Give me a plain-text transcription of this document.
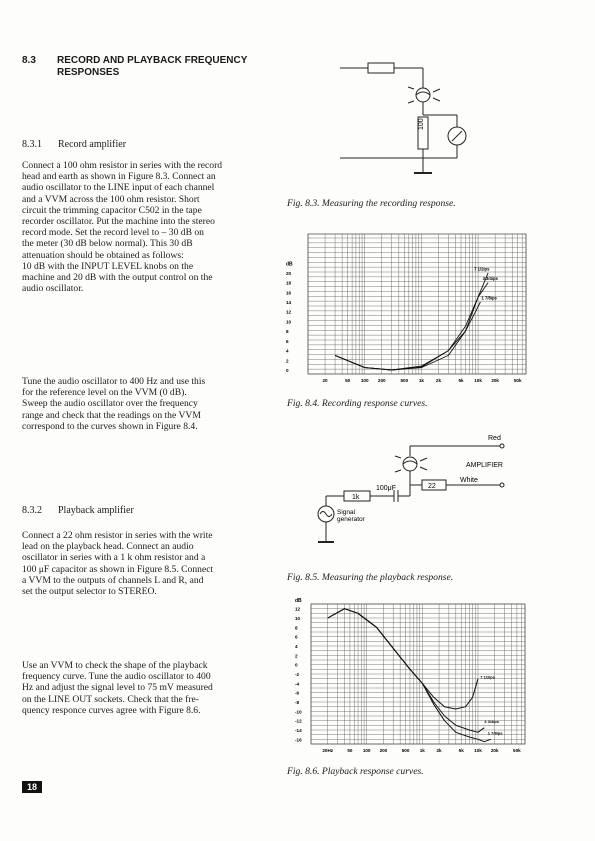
8.3 RECORD AND PLAYBACK FREQUENCY
RESPONSES
8.3.1 Record amplifier
Connect a 100 ohm resistor in series with the record
head and earth as shown in Figure 8.3. Connect an
audio oscillator to the LINE input of each channel
and a VVM across the 100 ohm resistor. Short
circuit the trimming capacitor C502 in the tape
recorder oscillator. Put the machine into the stereo
record mode. Set the record level to – 30 dB on
the meter (30 dB below normal). This 30 dB
attenuation should be obtained as follows:
10 dB with the INPUT LEVEL knobs on the
machine and 20 dB with the output control on the
audio oscillator.
Tune the audio oscillator to 400 Hz and use this
for the reference level on the VVM (0 dB).
Sweep the audio oscillator over the frequency
range and check that the readings on the VVM
correspond to the curves shown in Figure 8.4.
8.3.2 Playback amplifier
Connect a 22 ohm resistor in series with the write
lead on the playback head. Connect an audio
oscillator in series with a 1 k ohm resistor and a
100 μF capacitor as shown in Figure 8.5. Connect
a VVM to the outputs of channels L and R, and
set the output selector to STEREO.
Use an VVM to check the shape of the playback
frequency curve. Tune the audio oscillator to 400
Hz and adjust the signal level to 75 mV measured
on the LINE OUT sockets. Check that the fre-
quency responce curves agree with Figure 8.6.
18
100
Fig. 8.3. Measuring the recording response.
dB
20
18
16
14
12
10
8
6
4
2
0
20	50 100 200	500 1k	2k	5k 10k 20k	50k
7 1/2ips
3 3/4ips
1 7/8ips
Fig. 8.4. Recording response curves.
Red
AMPLIFIER
White
100μF
1k
22
Signal
generator
Fig. 8.5. Measuring the playback response.
dB
12
10
8
6
4
2
0
-2
-4
-6
-8
-10
-12
-14
-16
20Hz	50 100 200	500 1k	2k	5k 10k 20k	50k
7 1/2ips
3 3/4ips
1 7/8ips
Fig. 8.6. Playback response curves.
